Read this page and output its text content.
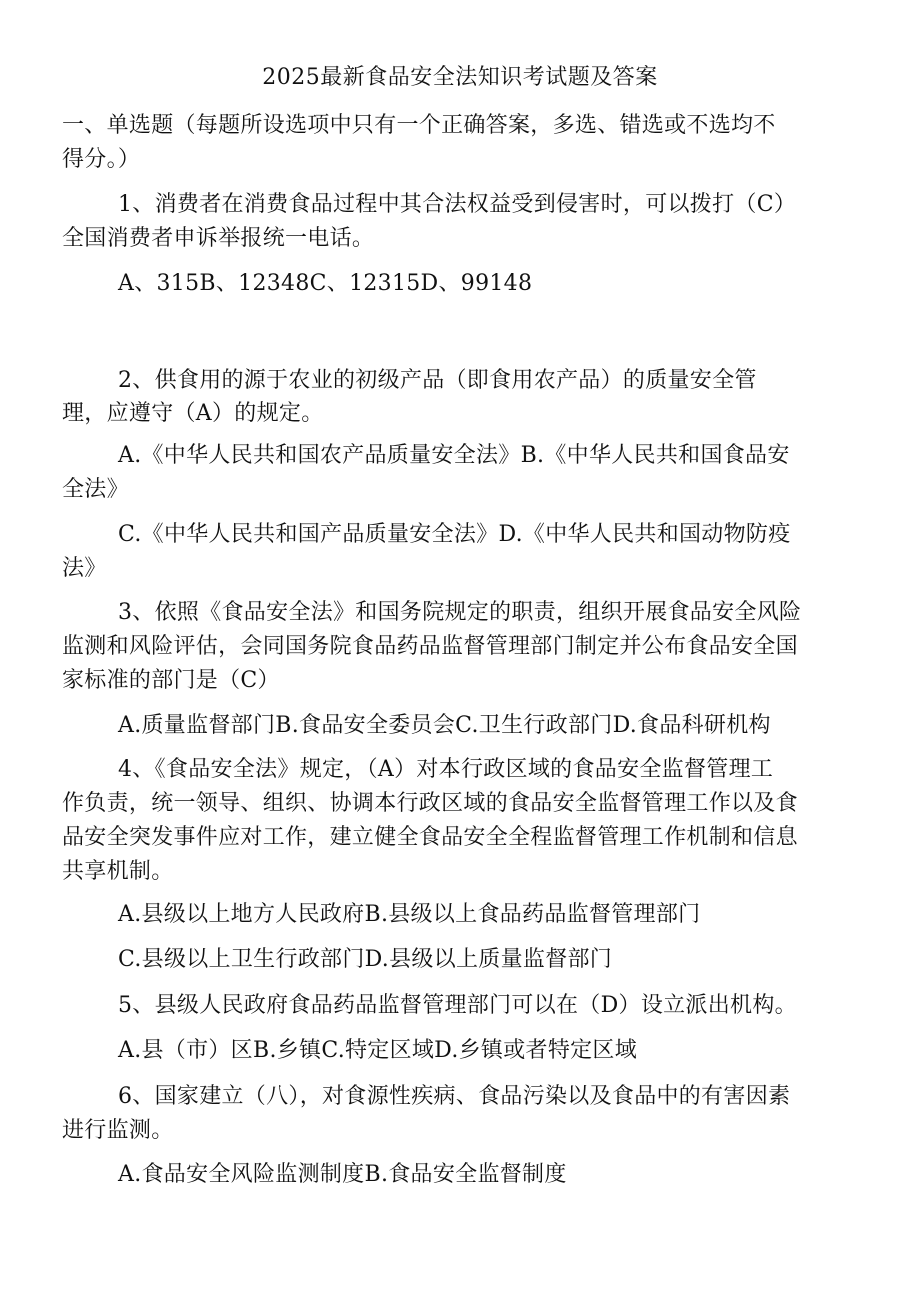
2025最新食品安全法知识考试题及答案
一、单选题（每题所设选项中只有一个正确答案，多选、错选或不选均不
得分。）
1、消费者在消费食品过程中其合法权益受到侵害时，可以拨打（C）
全国消费者申诉举报统一电话。
A、315B、12348C、12315D、99148
2、供食用的源于农业的初级产品（即食用农产品）的质量安全管
理，应遵守（A）的规定。
A.《中华人民共和国农产品质量安全法》B.《中华人民共和国食品安
全法》
C.《中华人民共和国产品质量安全法》D.《中华人民共和国动物防疫
法》
3、依照《食品安全法》和国务院规定的职责，组织开展食品安全风险
监测和风险评估，会同国务院食品药品监督管理部门制定并公布食品安全国
家标准的部门是（C）
A.质量监督部门B.食品安全委员会C.卫生行政部门D.食品科研机构
4、《食品安全法》规定，（A）对本行政区域的食品安全监督管理工
作负责，统一领导、组织、协调本行政区域的食品安全监督管理工作以及食
品安全突发事件应对工作，建立健全食品安全全程监督管理工作机制和信息
共享机制。
A.县级以上地方人民政府B.县级以上食品药品监督管理部门
C.县级以上卫生行政部门D.县级以上质量监督部门
5、县级人民政府食品药品监督管理部门可以在（D）设立派出机构。
A.县（市）区B.乡镇C.特定区域D.乡镇或者特定区域
6、国家建立（八），对食源性疾病、食品污染以及食品中的有害因素
进行监测。
A.食品安全风险监测制度B.食品安全监督制度
